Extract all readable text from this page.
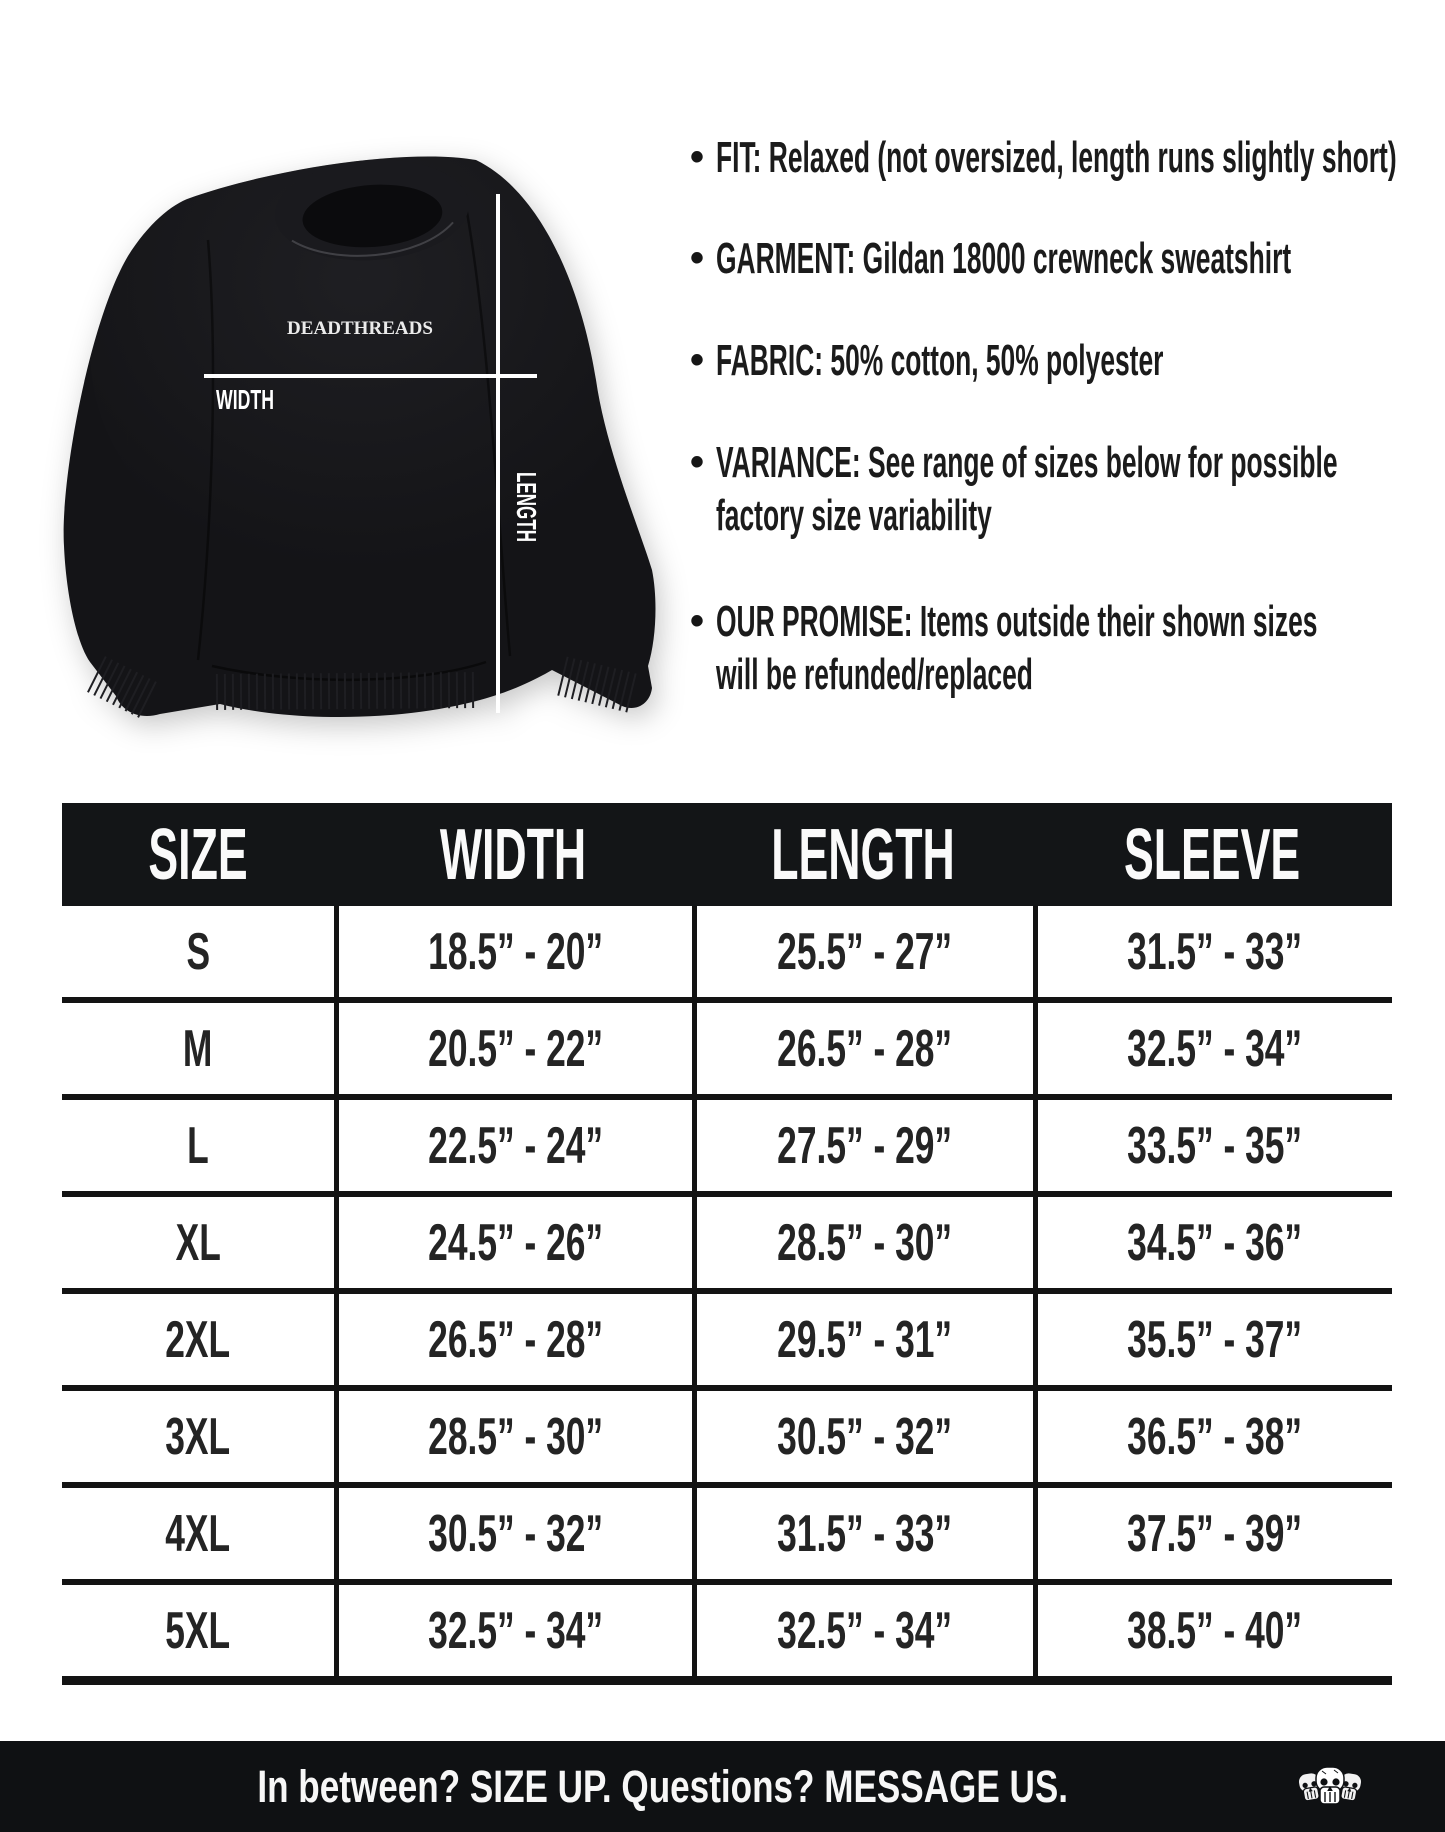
DEADTHREADS
WIDTH
LENGTH
• FIT: Relaxed (not oversized, length runs slightly short)
• GARMENT: Gildan 18000 crewneck sweatshirt
• FABRIC: 50% cotton, 50% polyester
• VARIANCE: See range of sizes below for possible
factory size variability
• OUR PROMISE: Items outside their shown sizes
will be refunded/replaced
SIZE	WIDTH	LENGTH SLEEVE
S	18.5” - 20”	25.5” - 27”	31.5” - 33”
M	20.5” - 22”	26.5” - 28”	32.5” - 34”
L	22.5” - 24”	27.5” - 29”	33.5” - 35”
XL	24.5” - 26”	28.5” - 30”	34.5” - 36”
2XL	26.5” - 28”	29.5” - 31”	35.5” - 37”
3XL	28.5” - 30”	30.5” - 32”	36.5” - 38”
4XL	30.5” - 32”	31.5” - 33”	37.5” - 39”
5XL	32.5” - 34”	32.5” - 34”	38.5” - 40”
In between? SIZE UP. Questions? MESSAGE US.
